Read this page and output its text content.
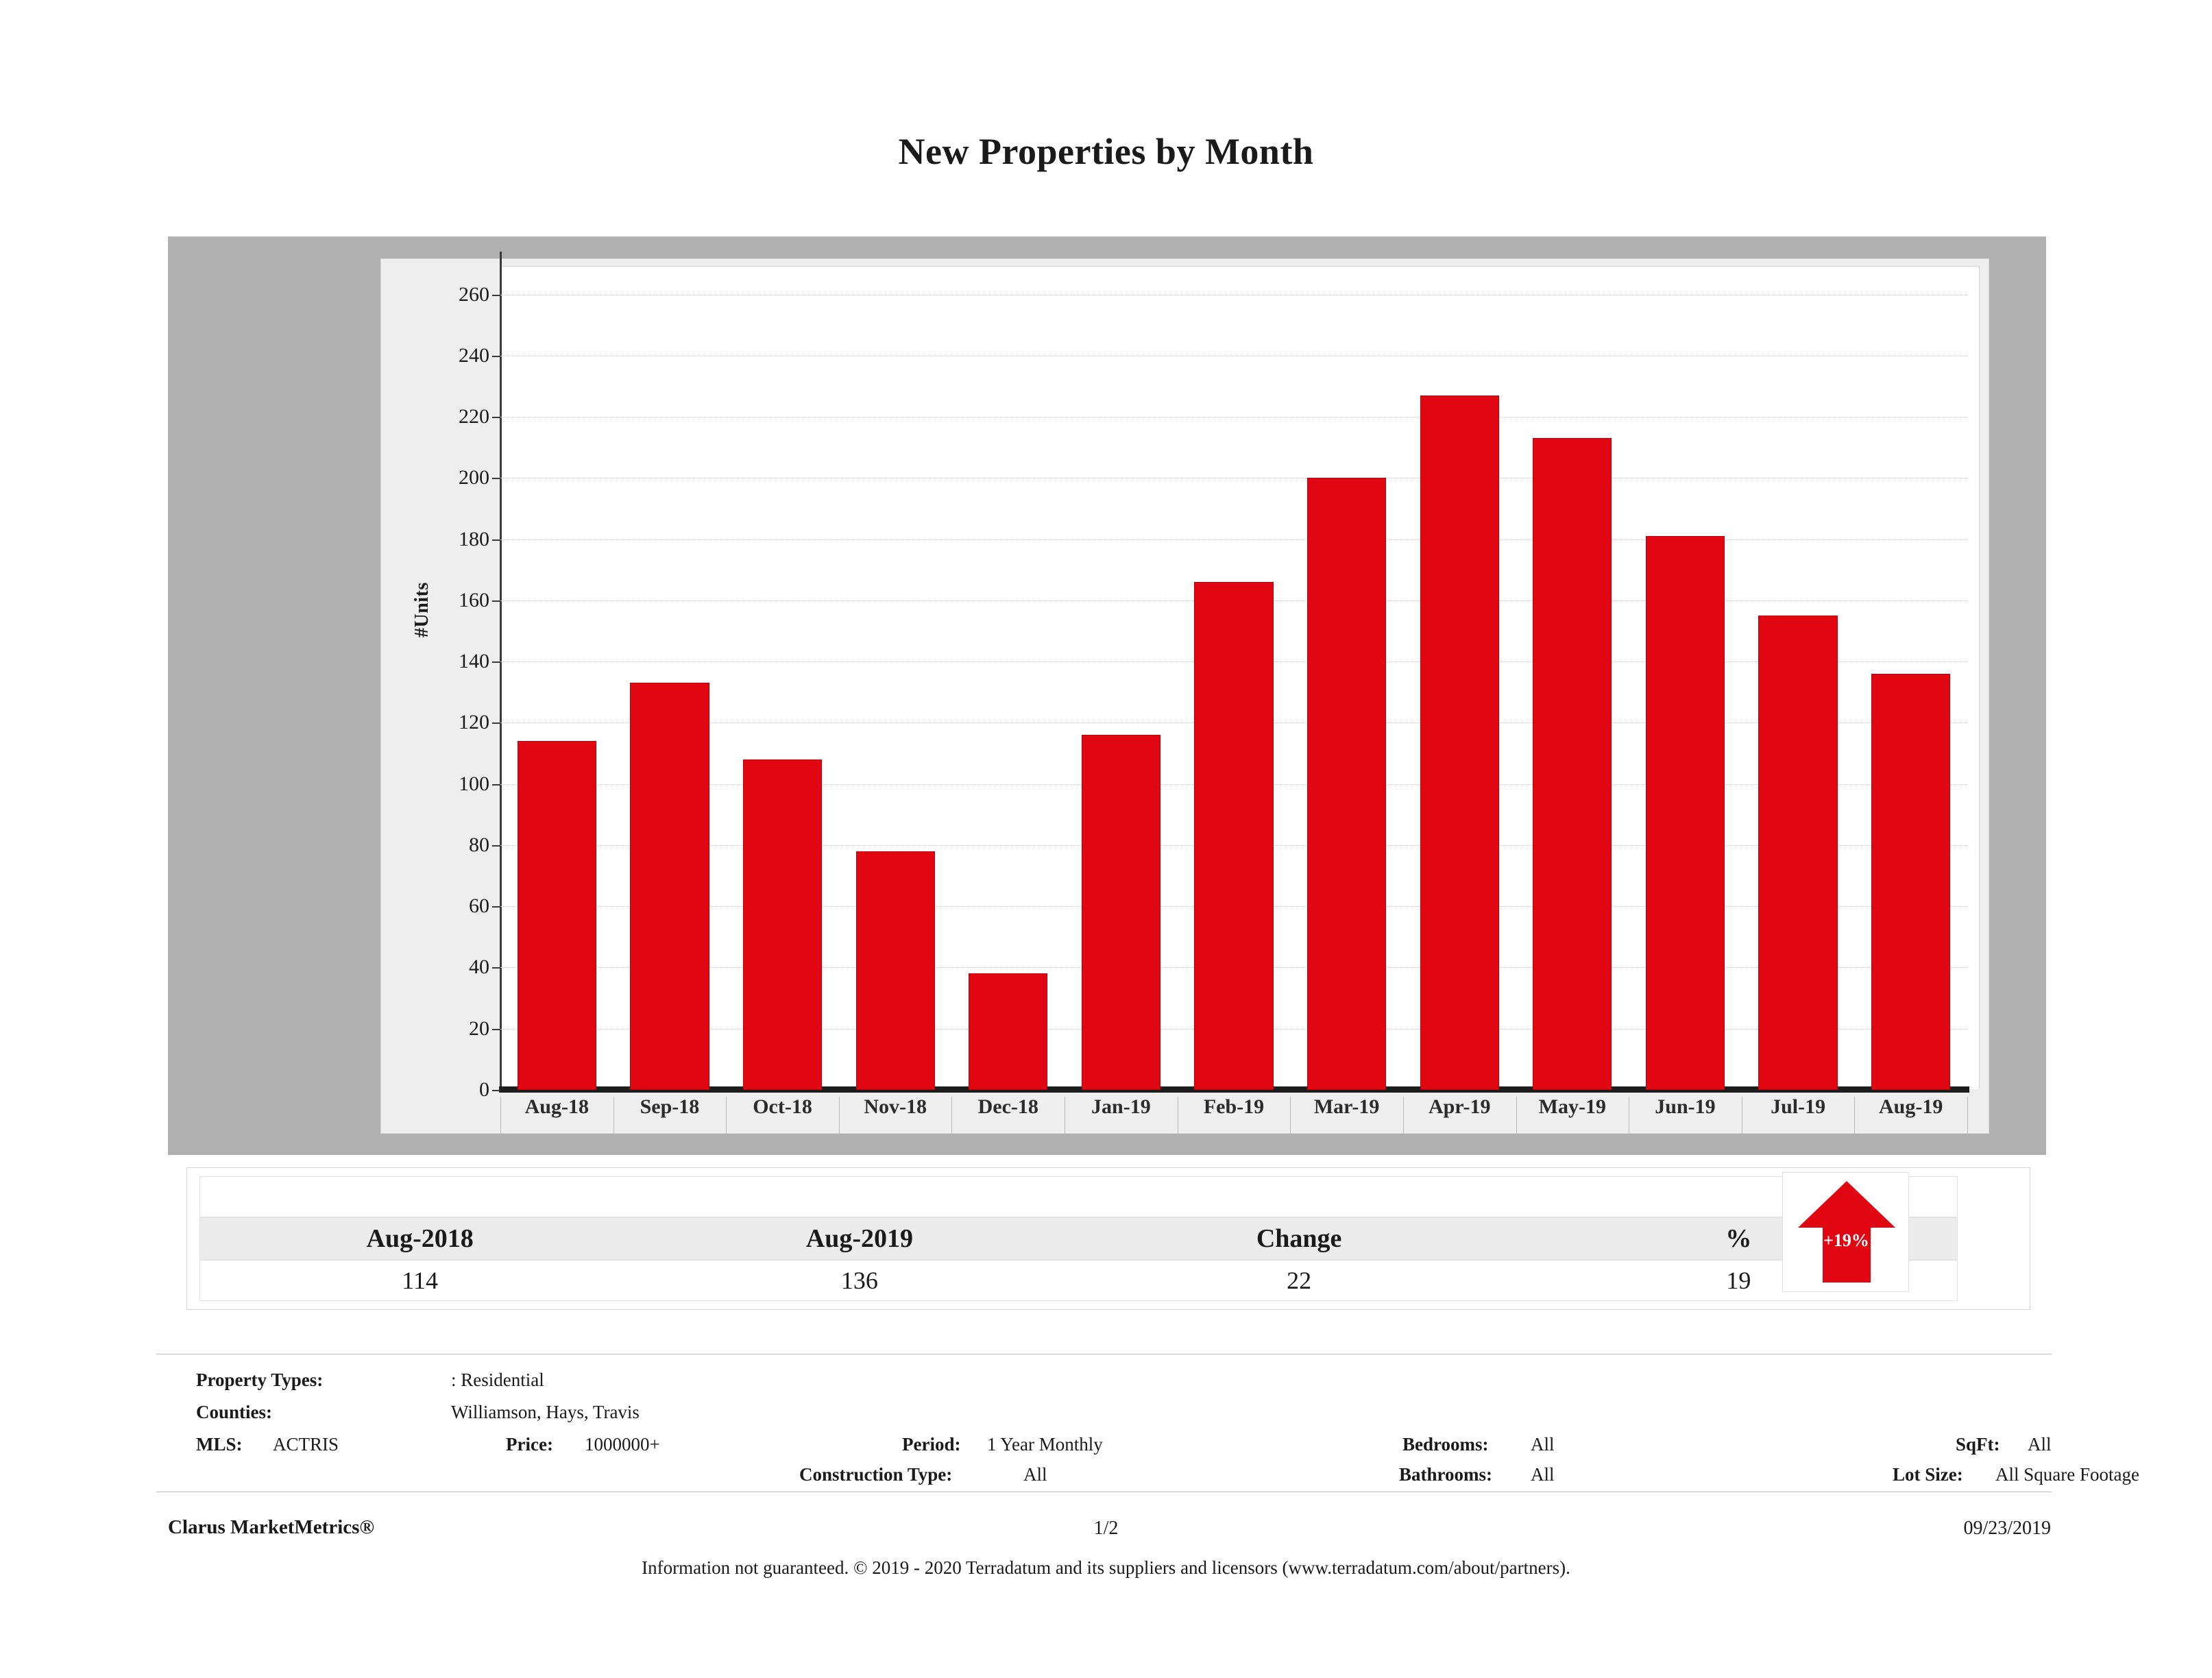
New Properties by Month
#Units
0
20
40
60
80
100
120
140
160
180
200
220
240
260
Aug-18	Sep-18	Oct-18	Nov-18	Dec-18	Jan-19	Feb-19	Mar-19	Apr-19	May-19	Jun-19	Jul-19	Aug-19
Aug-2018	Aug-2019	Change	%
114	136	22	19
+19%
Property Types:	: Residential
Counties:	Williamson, Hays, Travis
MLS: ACTRIS	Price: 1000000+	Period: 1 Year Monthly	Bedrooms: All	SqFt: All
Construction Type:	All	Bathrooms: All	Lot Size: All Square Footage
Clarus MarketMetrics®	1/2	09/23/2019
Information not guaranteed. © 2019 - 2020 Terradatum and its suppliers and licensors (www.terradatum.com/about/partners).
